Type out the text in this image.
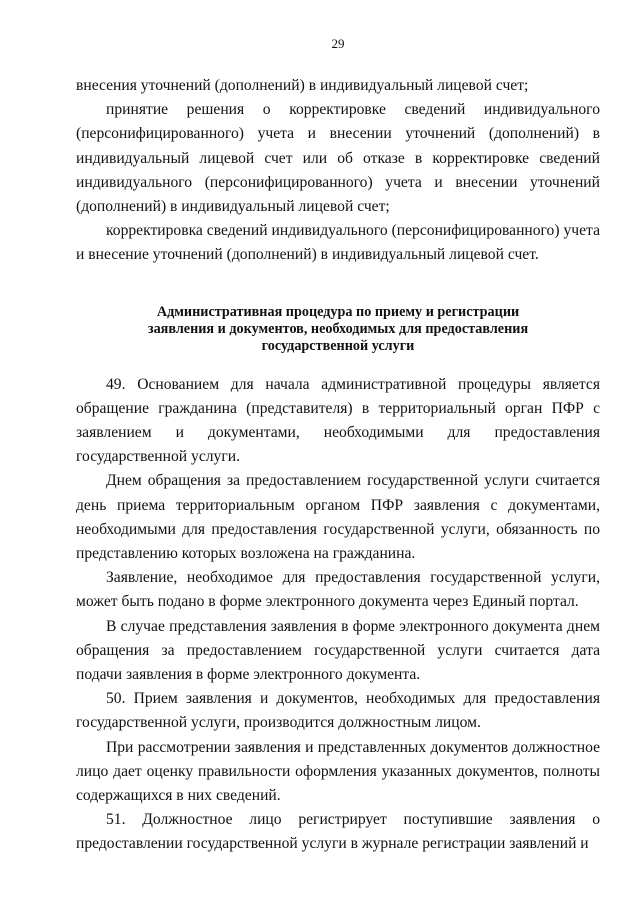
29

внесения уточнений (дополнений) в индивидуальный лицевой счет;

принятие решения о корректировке сведений индивидуального (персонифицированного) учета и внесении уточнений (дополнений) в индивидуальный лицевой счет или об отказе в корректировке сведений индивидуального (персонифицированного) учета и внесении уточнений (дополнений) в индивидуальный лицевой счет;

корректировка сведений индивидуального (персонифицированного) учета и внесение уточнений (дополнений) в индивидуальный лицевой счет.

Административная процедура по приему и регистрации
заявления и документов, необходимых для предоставления
государственной услуги

49. Основанием для начала административной процедуры является обращение гражданина (представителя) в территориальный орган ПФР с заявлением и документами, необходимыми для предоставления государственной услуги.

Днем обращения за предоставлением государственной услуги считается день приема территориальным органом ПФР заявления с документами, необходимыми для предоставления государственной услуги, обязанность по представлению которых возложена на гражданина.

Заявление, необходимое для предоставления государственной услуги, может быть подано в форме электронного документа через Единый портал.

В случае представления заявления в форме электронного документа днем обращения за предоставлением государственной услуги считается дата подачи заявления в форме электронного документа.

50. Прием заявления и документов, необходимых для предоставления государственной услуги, производится должностным лицом.

При рассмотрении заявления и представленных документов должностное лицо дает оценку правильности оформления указанных документов, полноты содержащихся в них сведений.

51. Должностное лицо регистрирует поступившие заявления о предоставлении государственной услуги в журнале регистрации заявлений и
